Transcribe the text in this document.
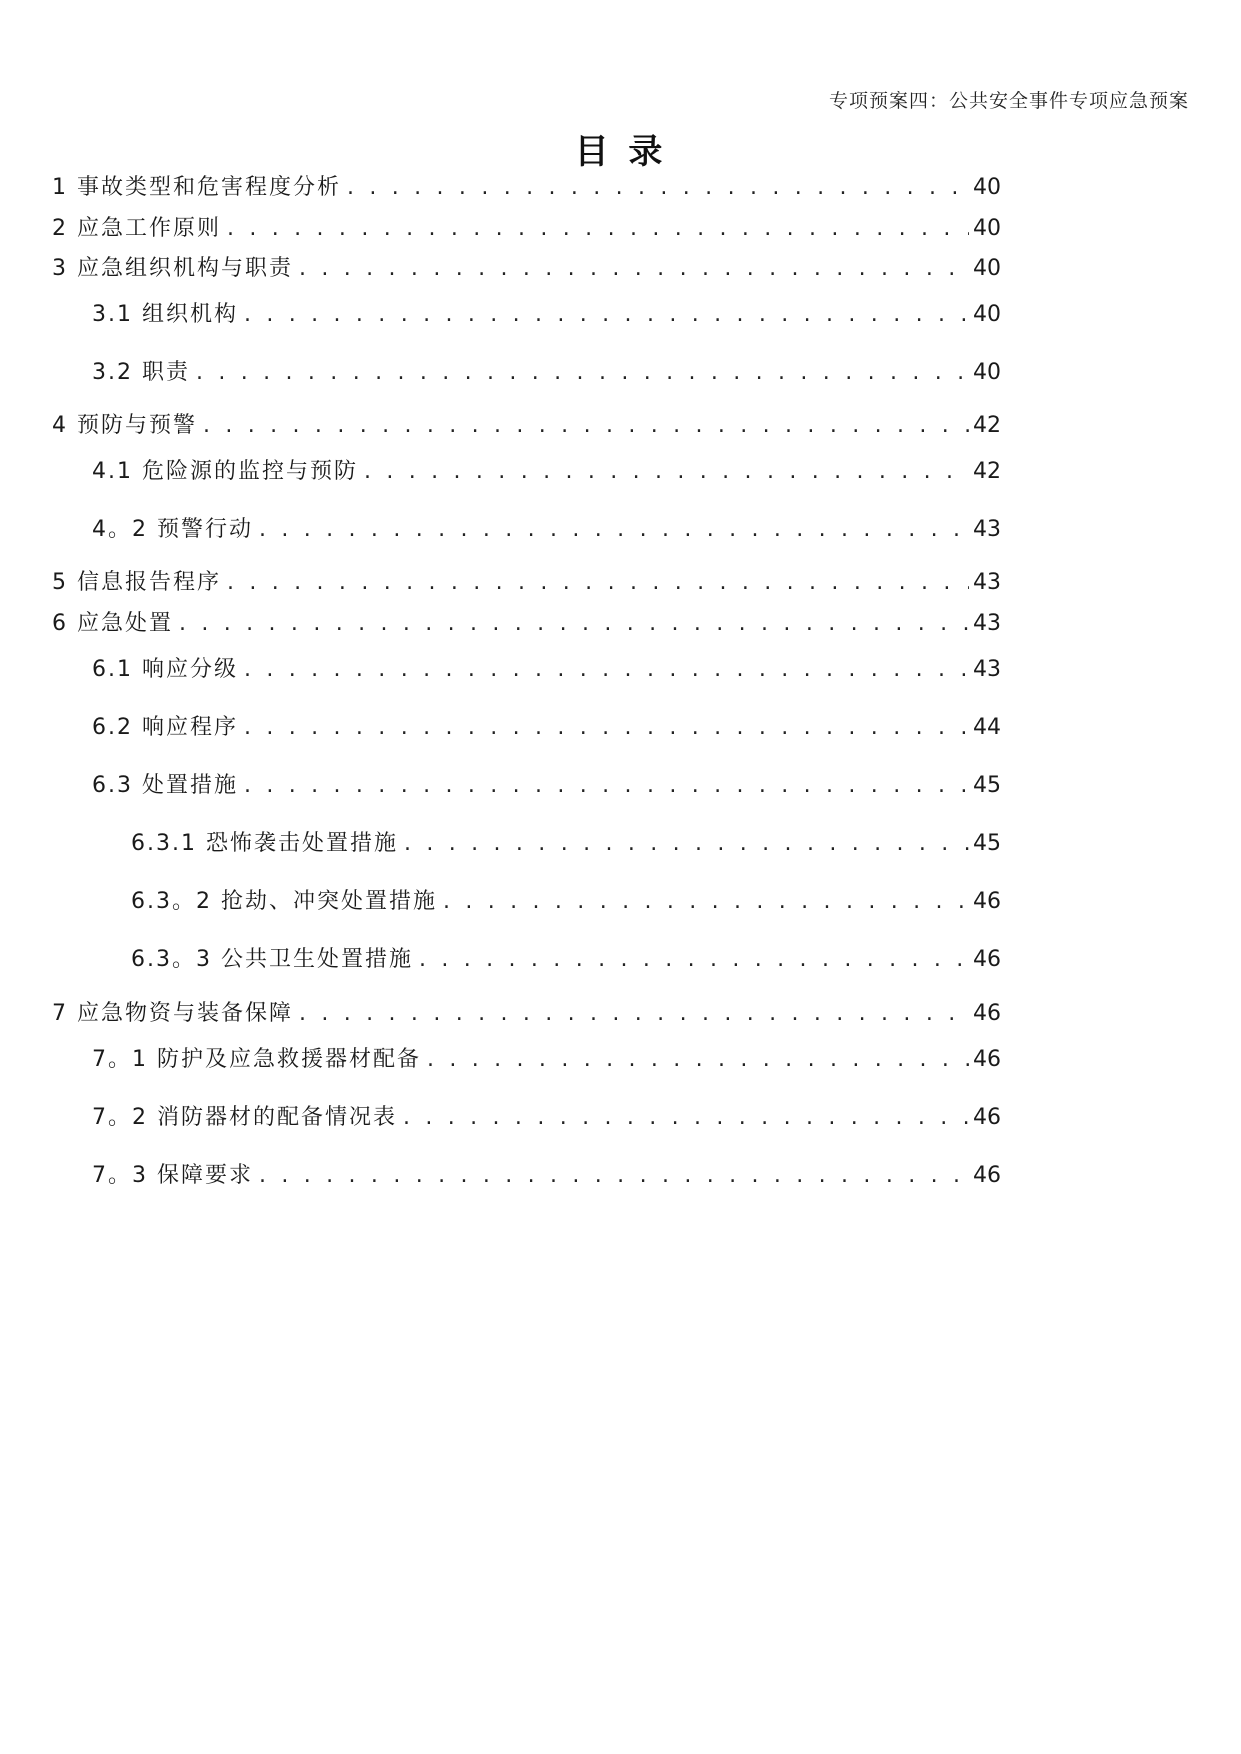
专项预案四：公共安全事件专项应急预案
目 录
1 事故类型和危害程度分析 . . .	40
2 应急工作原则 . . .	40
3 应急组织机构与职责 . . .	40
3.1 组织机构 . . .	40
3.2 职责 . . .	40
4 预防与预警 . . .	42
4.1 危险源的监控与预防 . . .	42
4。2 预警行动 . . .	43
5 信息报告程序 . . .	43
6 应急处置 . . .	43
6.1 响应分级 . . .	43
6.2 响应程序 . . .	44
6.3 处置措施 . . .	45
6.3.1 恐怖袭击处置措施 . . .	45
6.3。2 抢劫、冲突处置措施 . . .	46
6.3。3 公共卫生处置措施 . . .	46
7 应急物资与装备保障 . . .	46
7。1 防护及应急救援器材配备 . . .	46
7。2 消防器材的配备情况表 . . .	46
7。3 保障要求 . . .	46
